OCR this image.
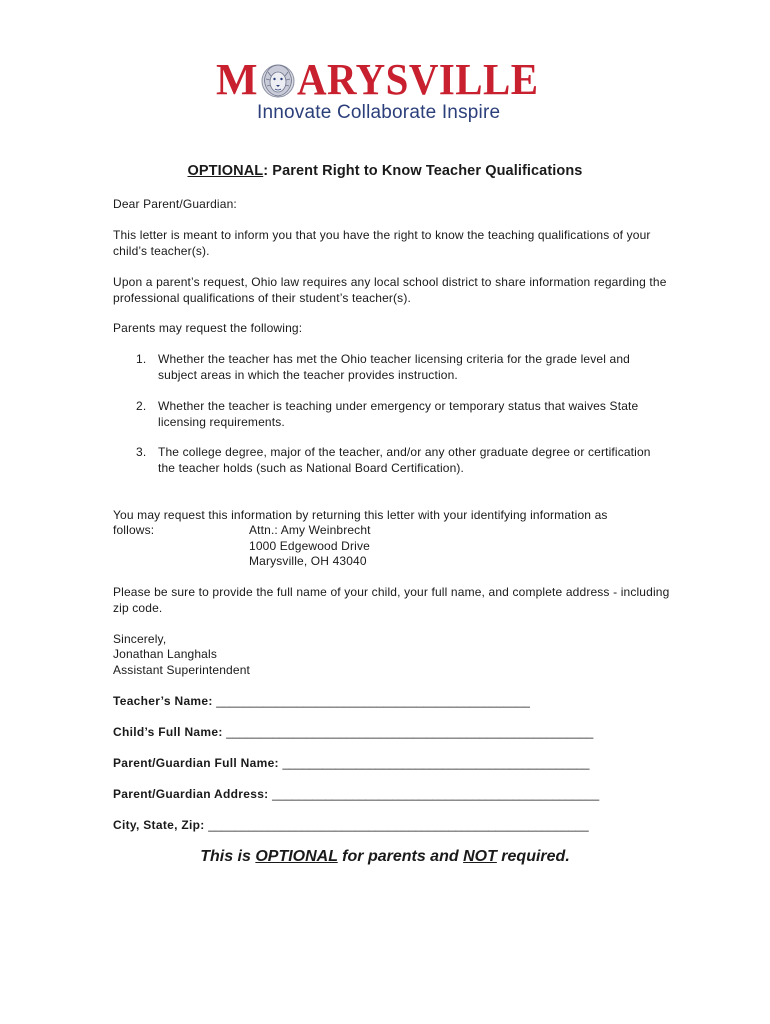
M ARYSVILLE
Innovate Collaborate Inspire
OPTIONAL: Parent Right to Know Teacher Qualifications
Dear Parent/Guardian:
This letter is meant to inform you that you have the right to know the teaching qualifications of your child’s teacher(s).
Upon a parent’s request, Ohio law requires any local school district to share information regarding the professional qualifications of their student’s teacher(s).
Parents may request the following:
1. Whether the teacher has met the Ohio teacher licensing criteria for the grade level and subject areas in which the teacher provides instruction.
2. Whether the teacher is teaching under emergency or temporary status that waives State licensing requirements.
3. The college degree, major of the teacher, and/or any other graduate degree or certification the teacher holds (such as National Board Certification).
You may request this information by returning this letter with your identifying information as
follows:	Attn.: Amy Weinbrecht
1000 Edgewood Drive
Marysville, OH 43040
Please be sure to provide the full name of your child, your full name, and complete address - including zip code.
Sincerely,
Jonathan Langhals
Assistant Superintendent
Teacher’s Name: _______________________________________________
Child’s Full Name: _______________________________________________________
Parent/Guardian Full Name: ______________________________________________
Parent/Guardian Address: _________________________________________________
City, State, Zip: _________________________________________________________
This is OPTIONAL for parents and NOT required.
